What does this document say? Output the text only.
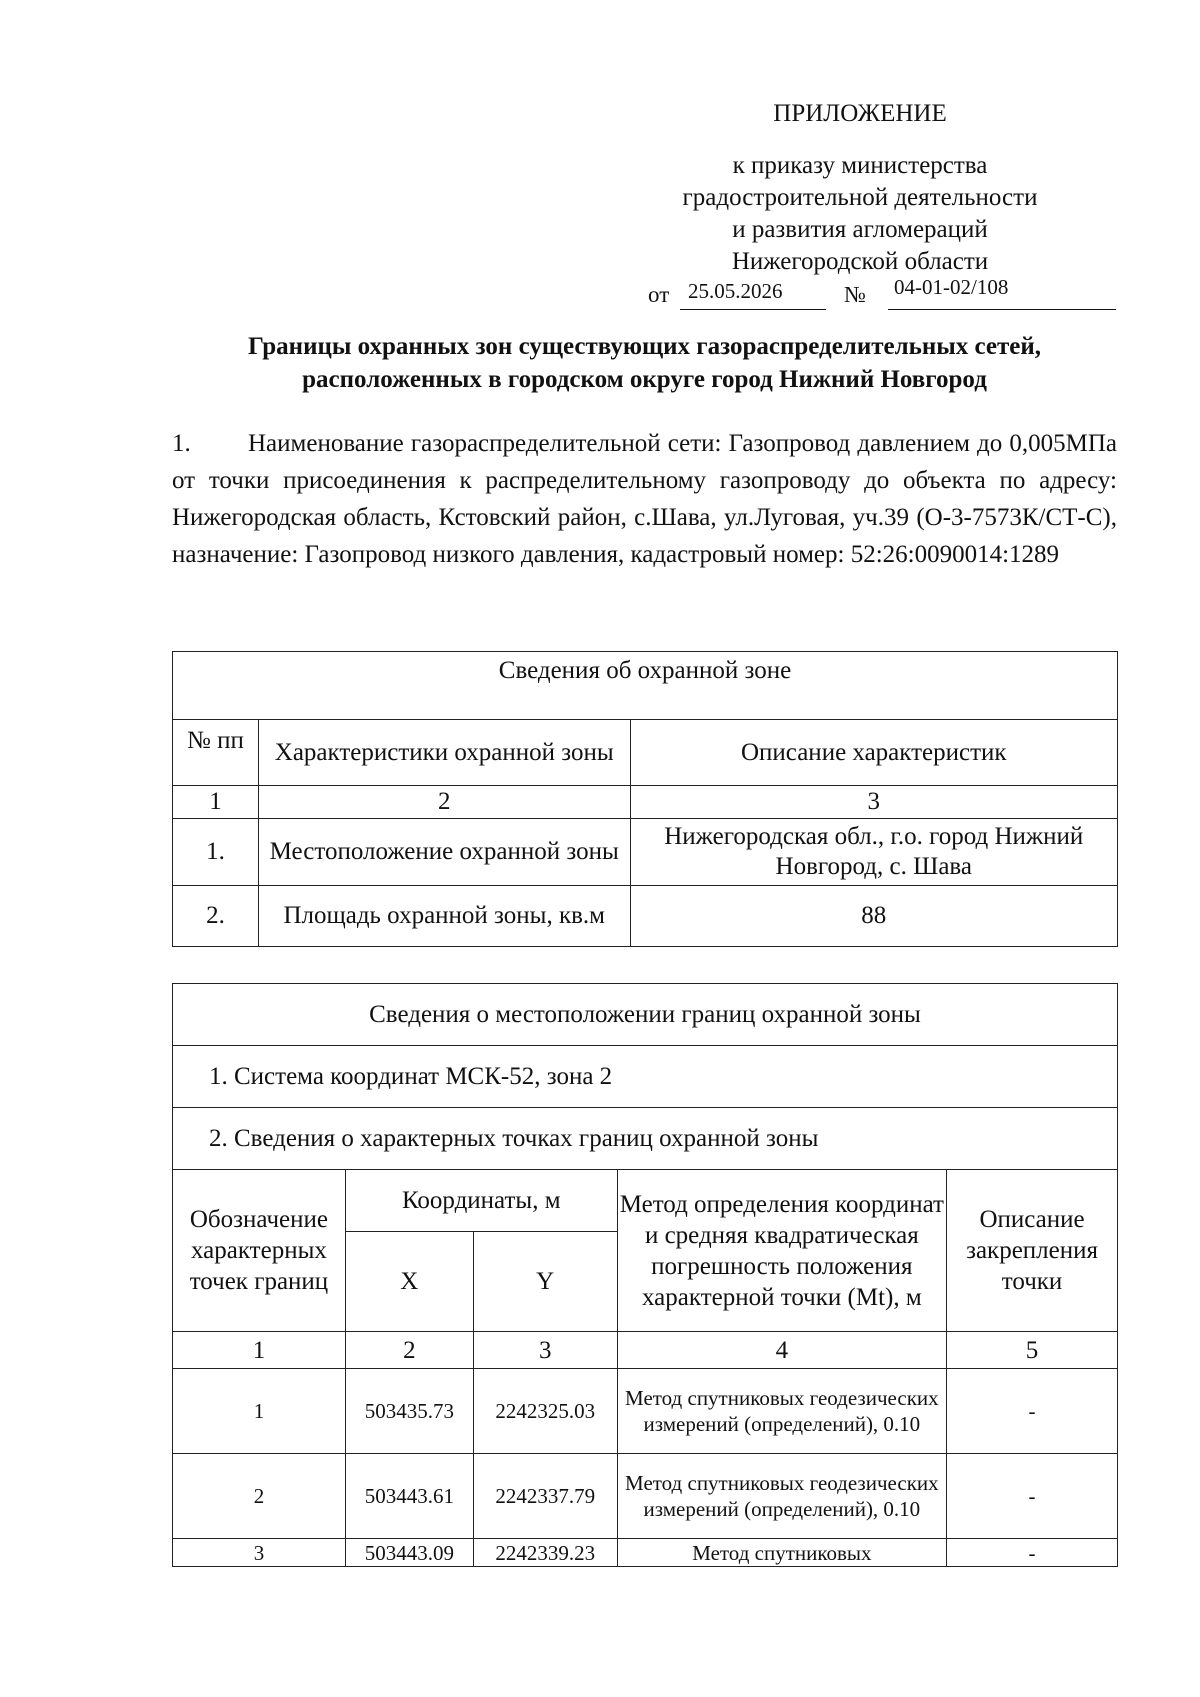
ПРИЛОЖЕНИЕ
к приказу министерства
градостроительной деятельности
и развития агломераций
Нижегородской области
от 25.05.2026	№ 04-01-02/108
Границы охранных зон существующих газораспределительных сетей,
расположенных в городском округе город Нижний Новгород
1. Наименование газораспределительной сети: Газопровод давлением до 0,005МПа от точки присоединения к распределительному газопроводу до объекта по адресу: Нижегородская область, Кстовский район, с.Шава, ул.Луговая, уч.39 (О-3-7573К/СТ-С), назначение: Газопровод низкого давления, кадастровый номер: 52:26:0090014:1289
Сведения об охранной зоне		
№ пп	Характеристики охранной зоны	Описание характеристик
1	2	3
1.	Местоположение охранной зоны	Нижегородская обл., г.о. город Нижний Новгород, с. Шава
2.	Площадь охранной зоны, кв.м	88
Сведения о местоположении границ охранной зоны				
1. Система координат МСК-52, зона 2				
2. Сведения о характерных точках границ охранной зоны				
Обозначение характерных точек границ	Координаты, м		Метод определения координат и средняя квадратическая погрешность положения характерной точки (Mt), м	Описание закрепления точки
	X	Y		
1	2	3	4	5
1	503435.73	2242325.03	Метод спутниковых геодезических измерений (определений), 0.10	-
2	503443.61	2242337.79	Метод спутниковых геодезических измерений (определений), 0.10	-
3	503443.09	2242339.23	Метод спутниковых	-
